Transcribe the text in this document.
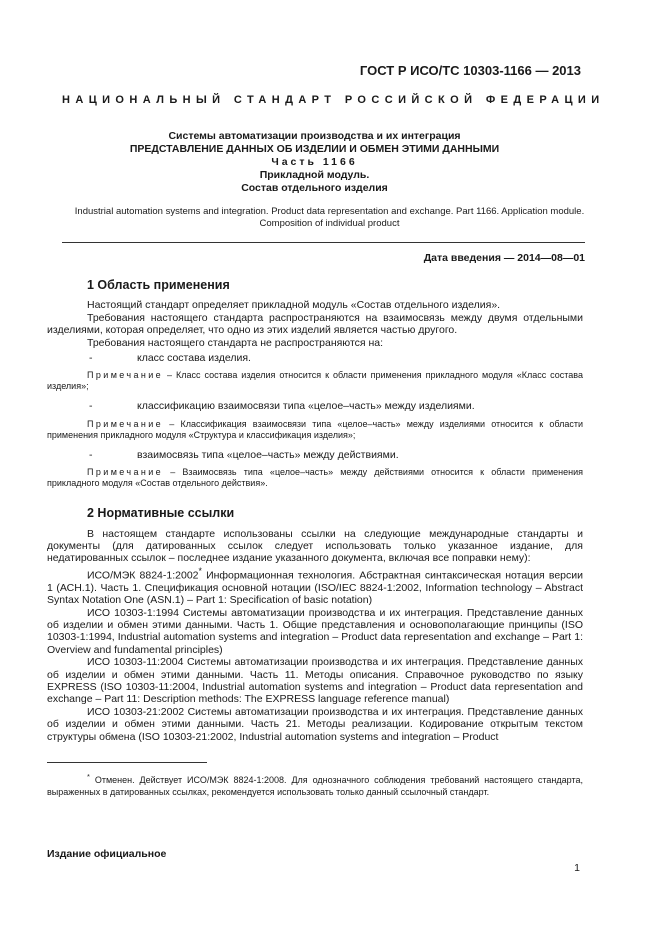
ГОСТ Р ИСО/ТС 10303-1166 — 2013
НАЦИОНАЛЬНЫЙ СТАНДАРТ РОССИЙСКОЙ ФЕДЕРАЦИИ
Системы автоматизации производства и их интеграция
ПРЕДСТАВЛЕНИЕ ДАННЫХ ОБ ИЗДЕЛИИ И ОБМЕН ЭТИМИ ДАННЫМИ
Часть 1166
Прикладной модуль.
Состав отдельного изделия
Industrial automation systems and integration. Product data representation and exchange. Part 1166. Application module. Composition of individual product
Дата введения — 2014—08—01
1 Область применения

Настоящий стандарт определяет прикладной модуль «Состав отдельного изделия».

Требования настоящего стандарта распространяются на взаимосвязь между двумя отдельными изделиями, которая определяет, что одно из этих изделий является частью другого.

Требования настоящего стандарта не распространяются на:

-	класс состава изделия.
Примечание – Класс состава изделия относится к области применения прикладного модуля «Класс состава изделия»;
-	классификацию взаимосвязи типа «целое–часть» между изделиями.
Примечание – Классификация взаимосвязи типа «целое–часть» между изделиями относится к области применения прикладного модуля «Структура и классификация изделия»;
-	взаимосвязь типа «целое–часть» между действиями.
Примечание – Взаимосвязь типа «целое–часть» между действиями относится к области применения прикладного модуля «Состав отдельного действия».
2 Нормативные ссылки

В настоящем стандарте использованы ссылки на следующие международные стандарты и документы (для датированных ссылок следует использовать только указанное издание, для недатированных ссылок – последнее издание указанного документа, включая все поправки нему):

ИСО/МЭК 8824-1:2002* Информационная технология. Абстрактная синтаксическая нотация версии 1 (АСН.1). Часть 1. Спецификация основной нотации (ISO/IEC 8824-1:2002, Information technology – Abstract Syntax Notation One (ASN.1) – Part 1: Specification of basic notation)

ИСО 10303-1:1994 Системы автоматизации производства и их интеграция. Представление данных об изделии и обмен этими данными. Часть 1. Общие представления и основополагающие принципы (ISO 10303-1:1994, Industrial automation systems and integration – Product data representation and exchange – Part 1: Overview and fundamental principles)

ИСО 10303-11:2004 Системы автоматизации производства и их интеграция. Представление данных об изделии и обмен этими данными. Часть 11. Методы описания. Справочное руководство по языку EXPRESS (ISO 10303-11:2004, Industrial automation systems and integration – Product data representation and exchange – Part 11: Description methods: The EXPRESS language reference manual)

ИСО 10303-21:2002 Системы автоматизации производства и их интеграция. Представление данных об изделии и обмен этими данными. Часть 21. Методы реализации. Кодирование открытым текстом структуры обмена (ISO 10303-21:2002, Industrial automation systems and integration – Product

* Отменен. Действует ИСО/МЭК 8824-1:2008. Для однозначного соблюдения требований настоящего стандарта, выраженных в датированных ссылках, рекомендуется использовать только данный ссылочный стандарт.
Издание официальное
1
